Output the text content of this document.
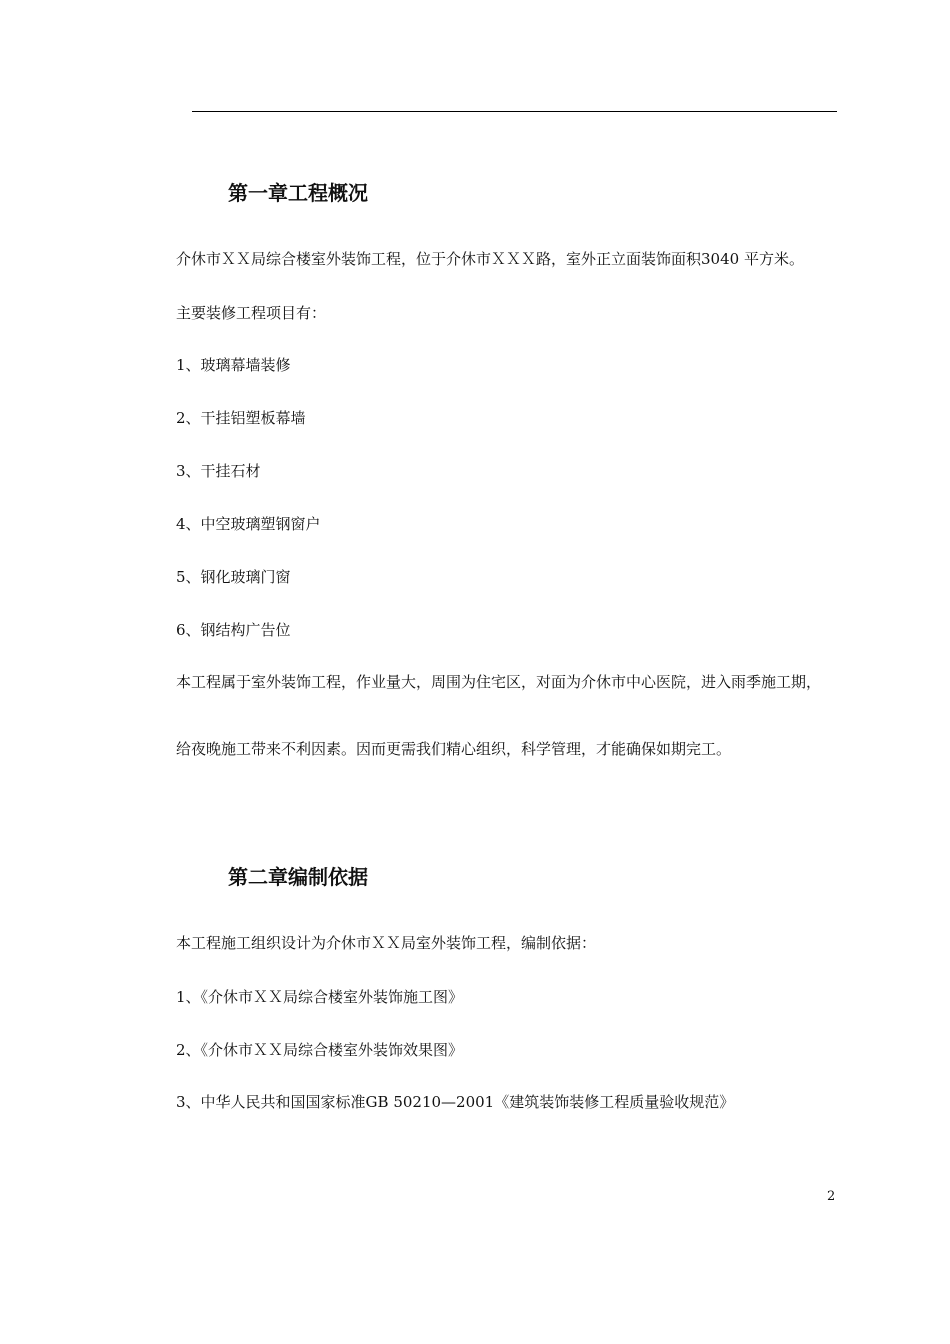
第一章工程概况

介休市ＸＸ局综合楼室外装饰工程，位于介休市ＸＸＸ路，室外正立面装饰面积3040 平方米。

主要装修工程项目有：

1、玻璃幕墙装修

2、干挂铝塑板幕墙

3、干挂石材

4、中空玻璃塑钢窗户

5、钢化玻璃门窗

6、钢结构广告位

本工程属于室外装饰工程，作业量大，周围为住宅区，对面为介休市中心医院，进入雨季施工期，

给夜晚施工带来不利因素。因而更需我们精心组织，科学管理，才能确保如期完工。

第二章编制依据

本工程施工组织设计为介休市ＸＸ局室外装饰工程，编制依据：

1、《介休市ＸＸ局综合楼室外装饰施工图》

2、《介休市ＸＸ局综合楼室外装饰效果图》

3、中华人民共和国国家标准GB 50210—2001《建筑装饰装修工程质量验收规范》

2
